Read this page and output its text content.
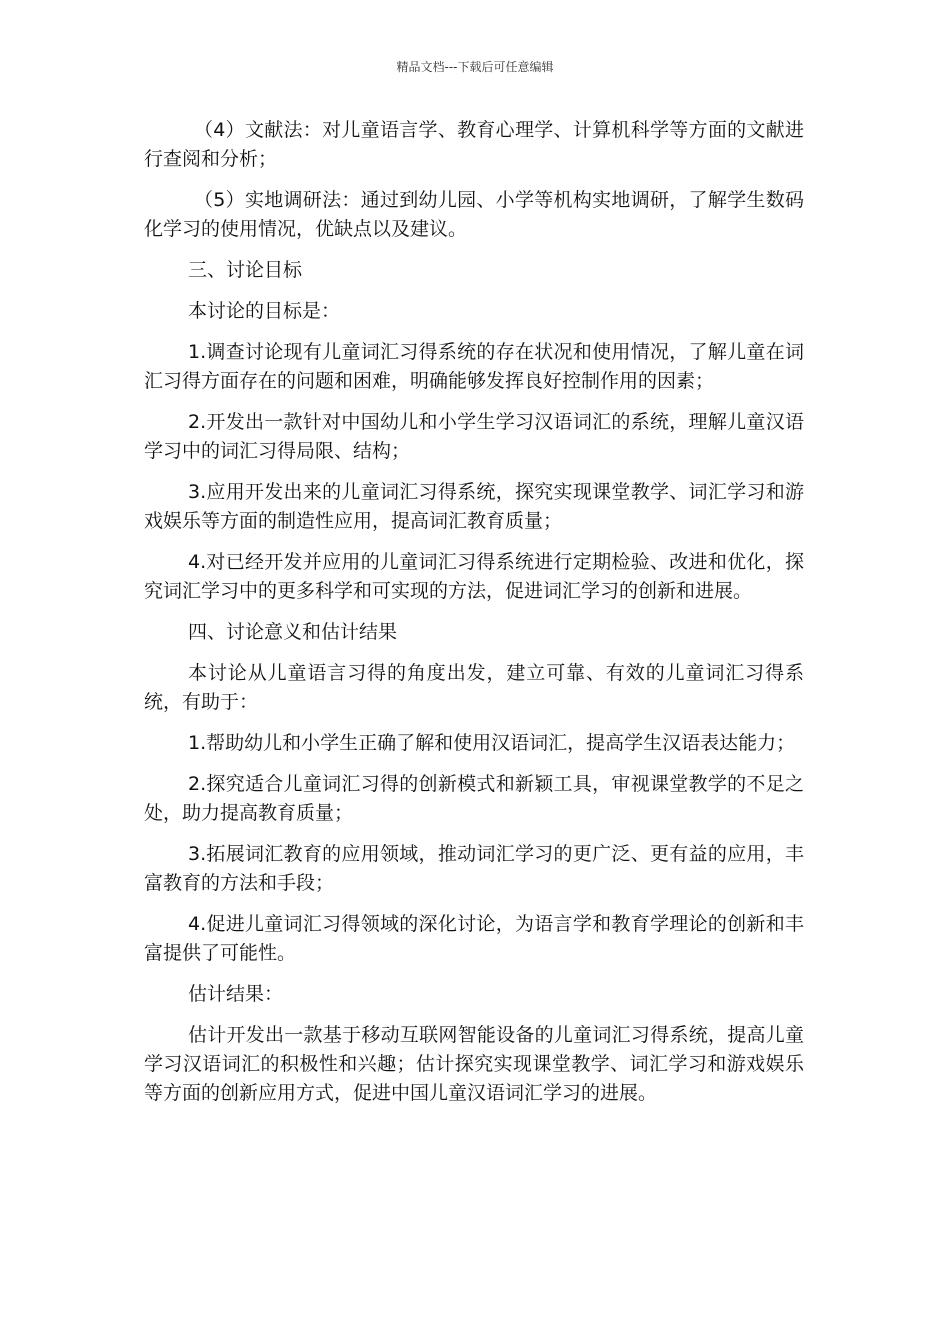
精品文档---下载后可任意编辑

（4）文献法：对儿童语言学、教育心理学、计算机科学等方面的文献进行查阅和分析；

（5）实地调研法：通过到幼儿园、小学等机构实地调研，了解学生数码化学习的使用情况，优缺点以及建议。

三、讨论目标

本讨论的目标是：

1.调查讨论现有儿童词汇习得系统的存在状况和使用情况，了解儿童在词汇习得方面存在的问题和困难，明确能够发挥良好控制作用的因素；

2.开发出一款针对中国幼儿和小学生学习汉语词汇的系统，理解儿童汉语学习中的词汇习得局限、结构；

3.应用开发出来的儿童词汇习得系统，探究实现课堂教学、词汇学习和游戏娱乐等方面的制造性应用，提高词汇教育质量；

4.对已经开发并应用的儿童词汇习得系统进行定期检验、改进和优化，探究词汇学习中的更多科学和可实现的方法，促进词汇学习的创新和进展。

四、讨论意义和估计结果

本讨论从儿童语言习得的角度出发，建立可靠、有效的儿童词汇习得系统，有助于：

1.帮助幼儿和小学生正确了解和使用汉语词汇，提高学生汉语表达能力；

2.探究适合儿童词汇习得的创新模式和新颖工具，审视课堂教学的不足之处，助力提高教育质量；

3.拓展词汇教育的应用领域，推动词汇学习的更广泛、更有益的应用，丰富教育的方法和手段；

4.促进儿童词汇习得领域的深化讨论，为语言学和教育学理论的创新和丰富提供了可能性。

估计结果：

估计开发出一款基于移动互联网智能设备的儿童词汇习得系统，提高儿童学习汉语词汇的积极性和兴趣；估计探究实现课堂教学、词汇学习和游戏娱乐等方面的创新应用方式，促进中国儿童汉语词汇学习的进展。
